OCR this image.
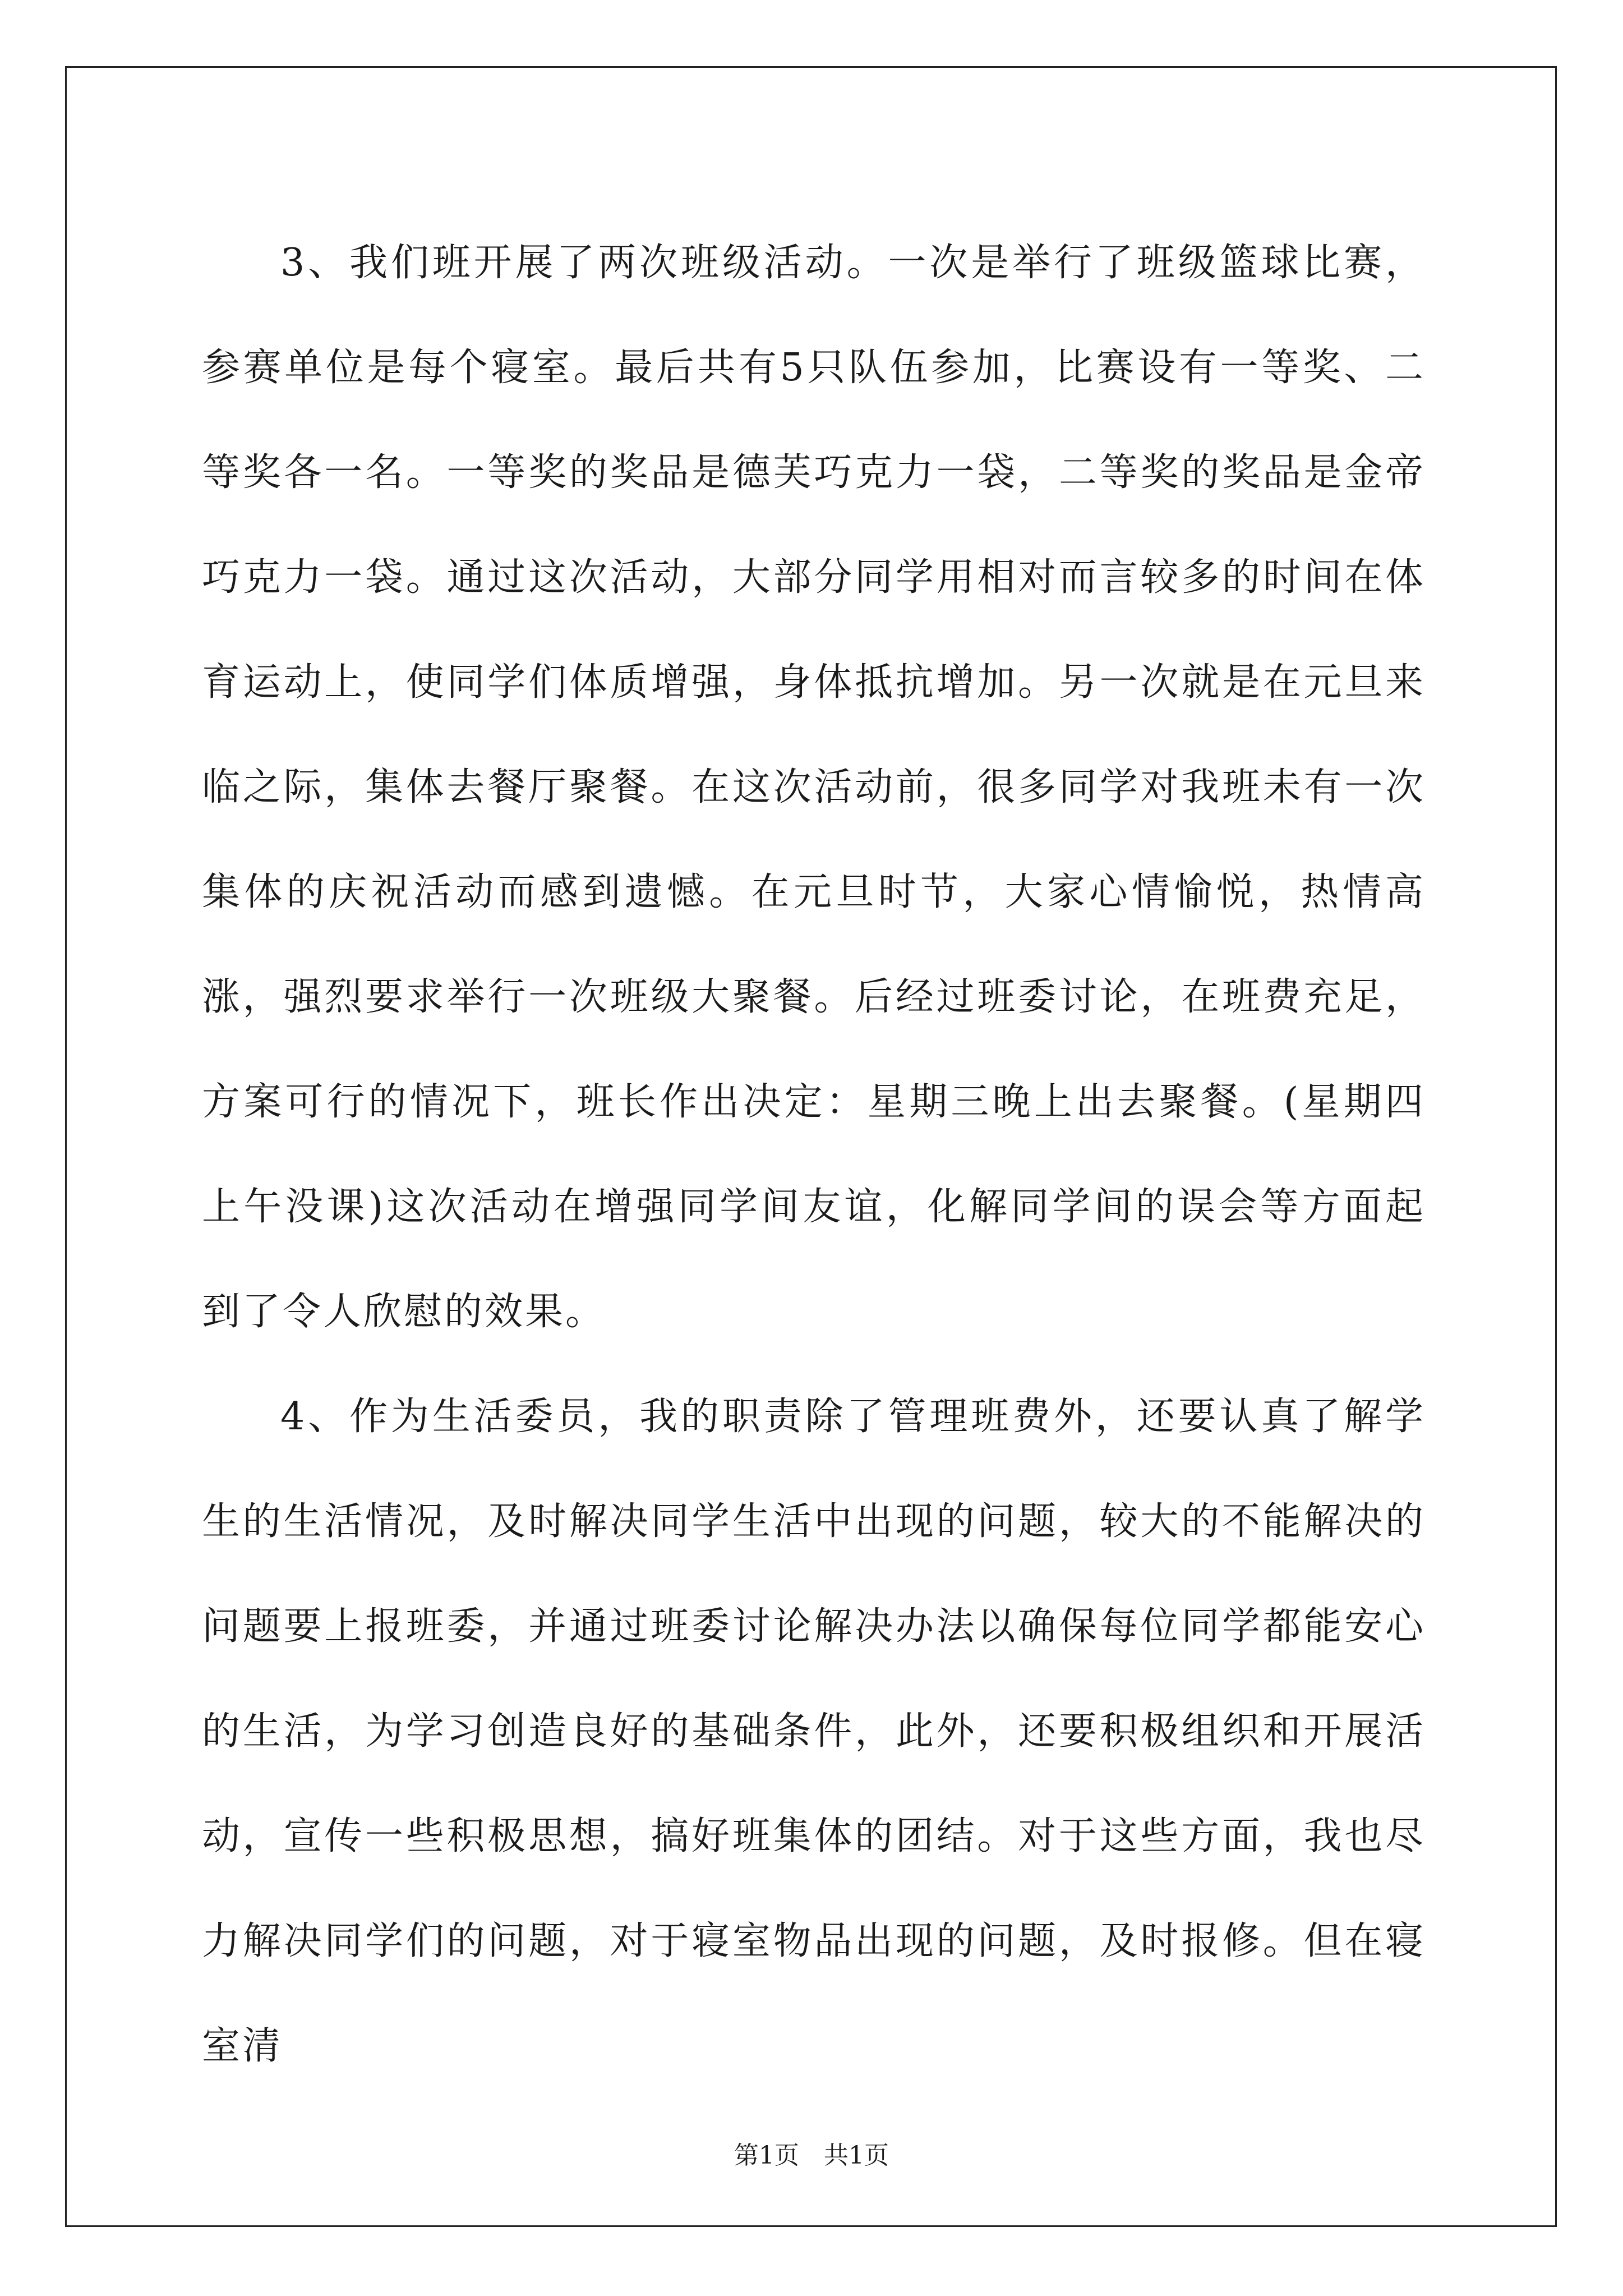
3、我们班开展了两次班级活动。一次是举行了班级篮球比赛，参赛单位是每个寝室。最后共有5只队伍参加，比赛设有一等奖、二等奖各一名。一等奖的奖品是德芙巧克力一袋，二等奖的奖品是金帝巧克力一袋。通过这次活动，大部分同学用相对而言较多的时间在体育运动上，使同学们体质增强，身体抵抗增加。另一次就是在元旦来临之际，集体去餐厅聚餐。在这次活动前，很多同学对我班未有一次集体的庆祝活动而感到遗憾。在元旦时节，大家心情愉悦，热情高涨，强烈要求举行一次班级大聚餐。后经过班委讨论，在班费充足，方案可行的情况下，班长作出决定：星期三晚上出去聚餐。(星期四上午没课)这次活动在增强同学间友谊，化解同学间的误会等方面起到了令人欣慰的效果。

4、作为生活委员，我的职责除了管理班费外，还要认真了解学生的生活情况，及时解决同学生活中出现的问题，较大的不能解决的问题要上报班委，并通过班委讨论解决办法以确保每位同学都能安心的生活，为学习创造良好的基础条件，此外，还要积极组织和开展活动，宣传一些积极思想，搞好班集体的团结。对于这些方面，我也尽力解决同学们的问题，对于寝室物品出现的问题，及时报修。但在寝室清

第1页 共1页
